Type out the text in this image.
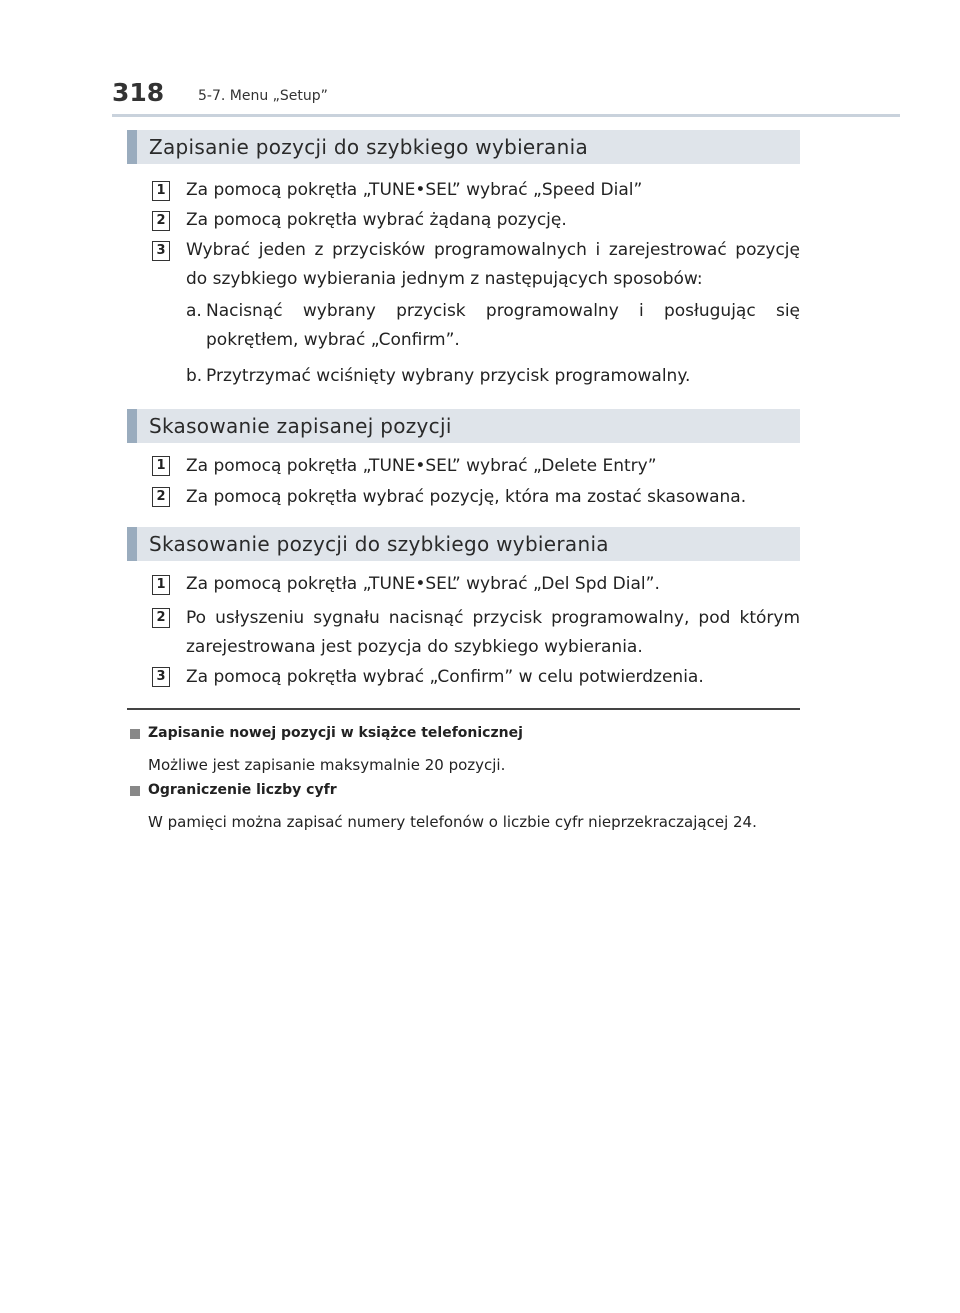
318 5-7. Menu „Setup”
Zapisanie pozycji do szybkiego wybierania
1 Za pomocą pokrętła „TUNE•SEL” wybrać „Speed Dial”
2 Za pomocą pokrętła wybrać żądaną pozycję.
3 Wybrać jeden z przycisków programowalnych i zarejestrować pozycję do szybkiego wybierania jednym z następujących sposobów:
a. Nacisnąć wybrany przycisk programowalny i posługując się pokrętłem, wybrać „Confirm”.
b. Przytrzymać wciśnięty wybrany przycisk programowalny.
Skasowanie zapisanej pozycji
1 Za pomocą pokrętła „TUNE•SEL” wybrać „Delete Entry”
2 Za pomocą pokrętła wybrać pozycję, która ma zostać skasowana.
Skasowanie pozycji do szybkiego wybierania
1 Za pomocą pokrętła „TUNE•SEL” wybrać „Del Spd Dial”.
2 Po usłyszeniu sygnału nacisnąć przycisk programowalny, pod którym zarejestrowana jest pozycja do szybkiego wybierania.
3 Za pomocą pokrętła wybrać „Confirm” w celu potwierdzenia.
Zapisanie nowej pozycji w książce telefonicznej
Możliwe jest zapisanie maksymalnie 20 pozycji.
Ograniczenie liczby cyfr
W pamięci można zapisać numery telefonów o liczbie cyfr nieprzekraczającej 24.
